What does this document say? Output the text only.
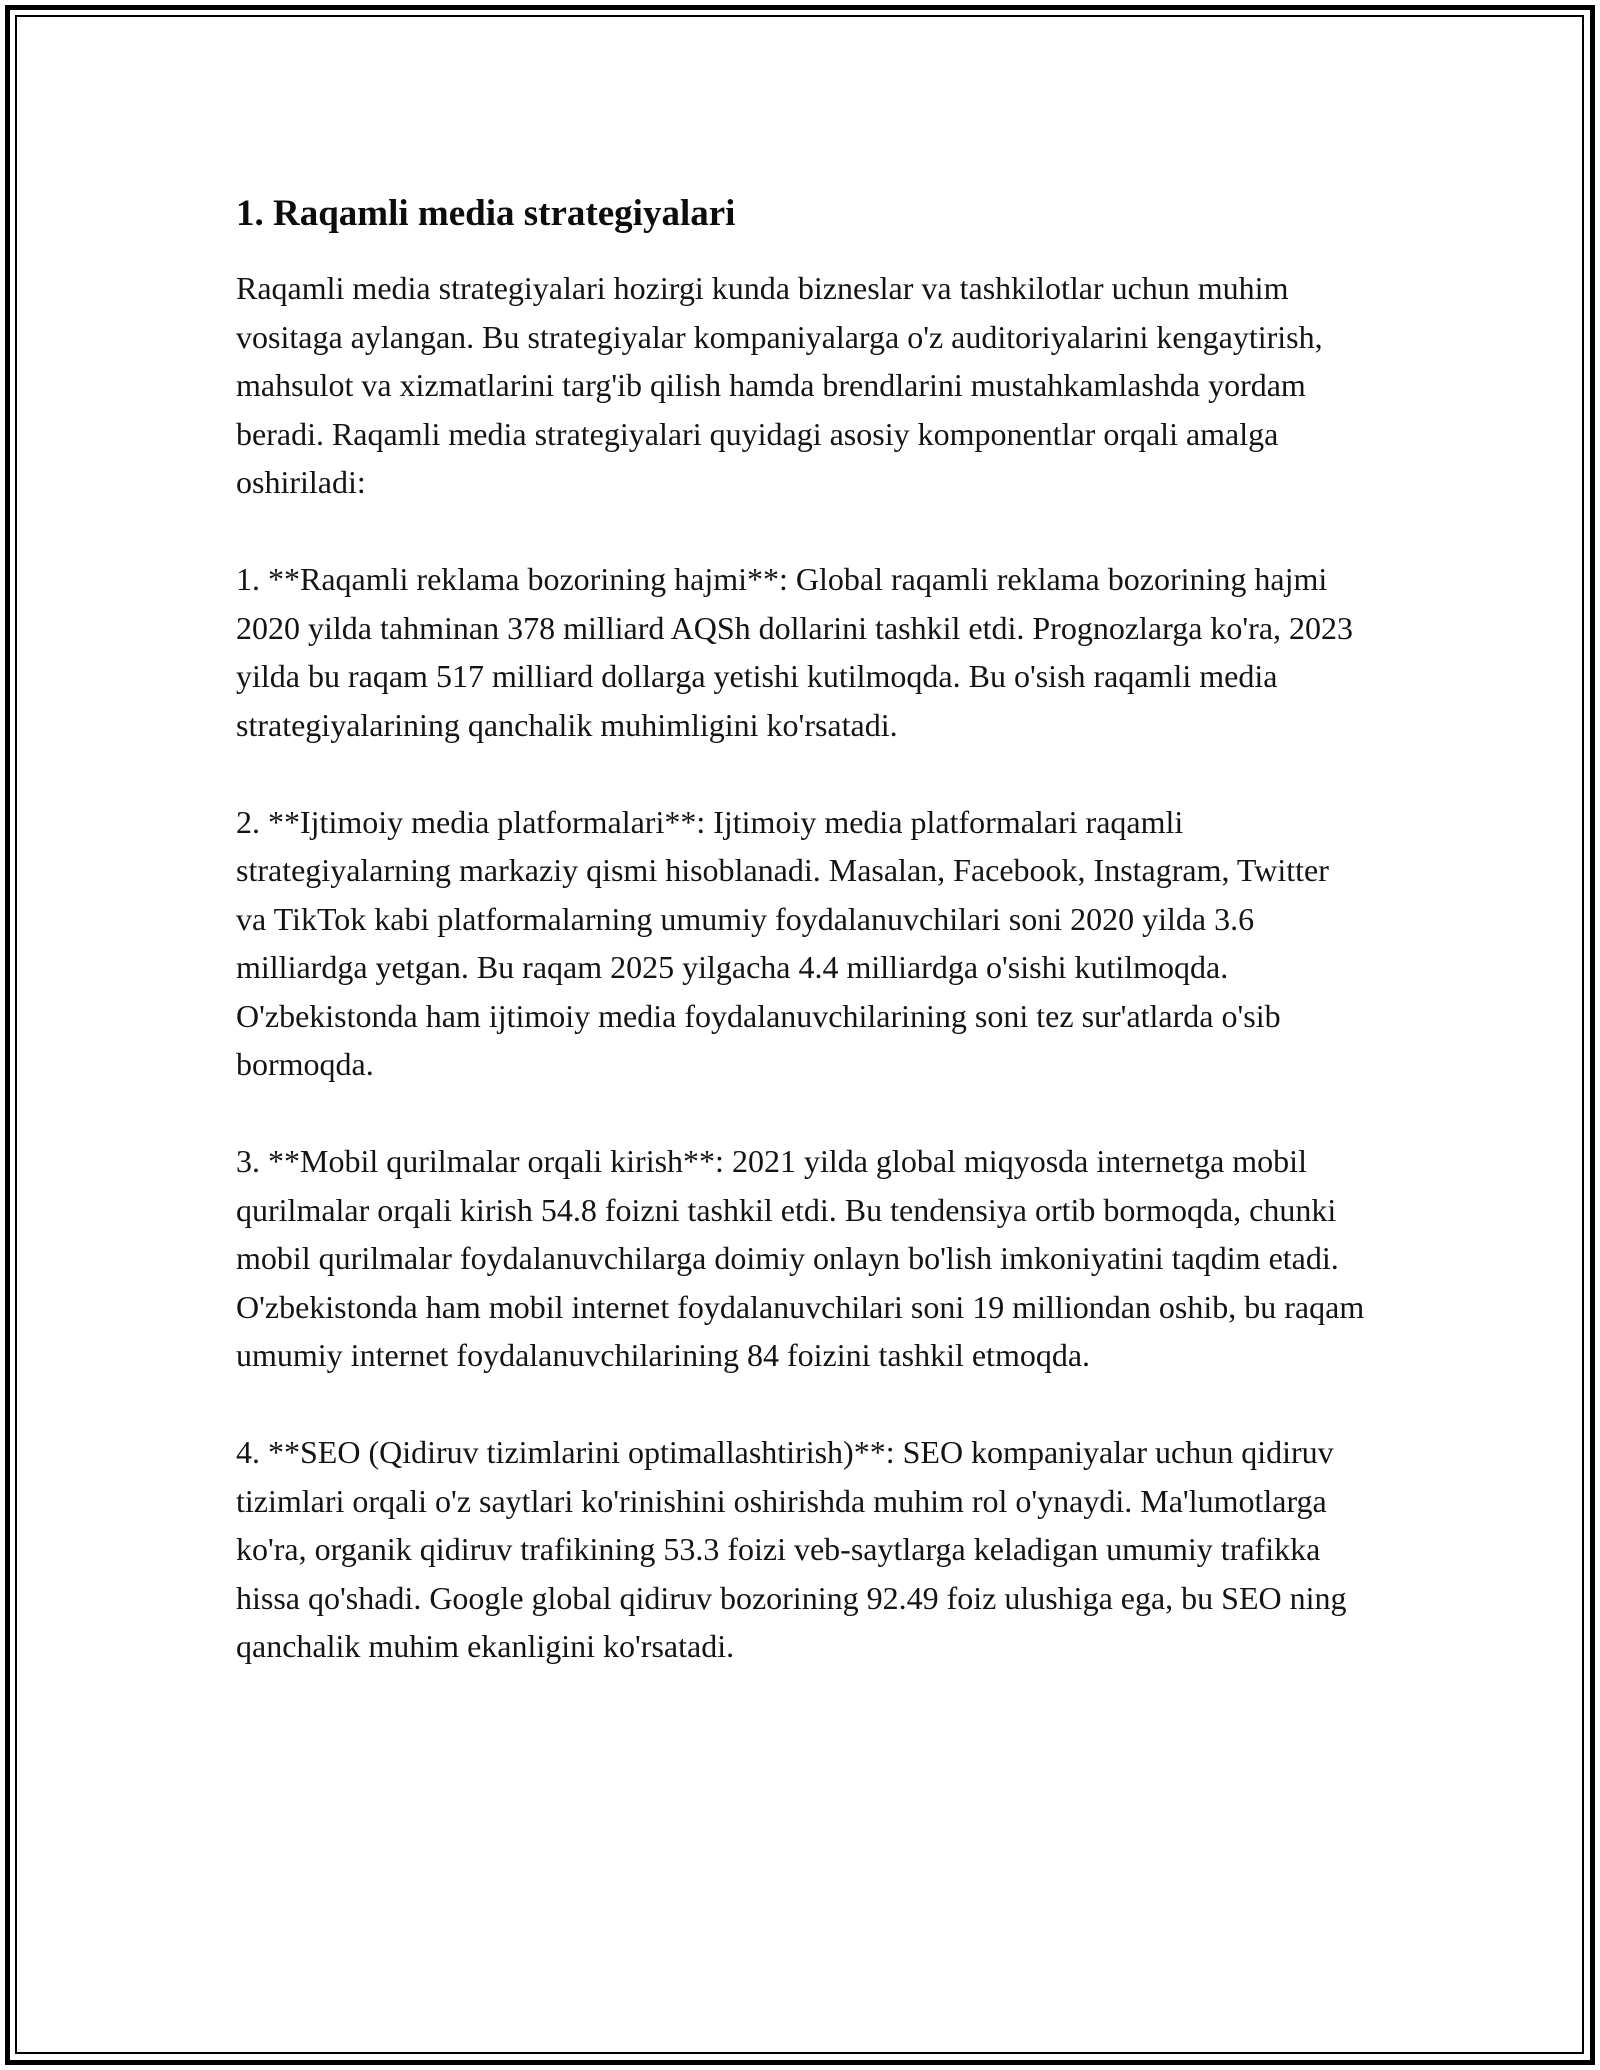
1. Raqamli media strategiyalari

Raqamli media strategiyalari hozirgi kunda bizneslar va tashkilotlar uchun muhim vositaga aylangan. Bu strategiyalar kompaniyalarga o'z auditoriyalarini kengaytirish, mahsulot va xizmatlarini targ'ib qilish hamda brendlarini mustahkamlashda yordam beradi. Raqamli media strategiyalari quyidagi asosiy komponentlar orqali amalga oshiriladi:

1. **Raqamli reklama bozorining hajmi**: Global raqamli reklama bozorining hajmi 2020 yilda tahminan 378 milliard AQSh dollarini tashkil etdi. Prognozlarga ko'ra, 2023 yilda bu raqam 517 milliard dollarga yetishi kutilmoqda. Bu o'sish raqamli media strategiyalarining qanchalik muhimligini ko'rsatadi.

2. **Ijtimoiy media platformalari**: Ijtimoiy media platformalari raqamli strategiyalarning markaziy qismi hisoblanadi. Masalan, Facebook, Instagram, Twitter va TikTok kabi platformalarning umumiy foydalanuvchilari soni 2020 yilda 3.6 milliardga yetgan. Bu raqam 2025 yilgacha 4.4 milliardga o'sishi kutilmoqda. O'zbekistonda ham ijtimoiy media foydalanuvchilarining soni tez sur'atlarda o'sib bormoqda.

3. **Mobil qurilmalar orqali kirish**: 2021 yilda global miqyosda internetga mobil qurilmalar orqali kirish 54.8 foizni tashkil etdi. Bu tendensiya ortib bormoqda, chunki mobil qurilmalar foydalanuvchilarga doimiy onlayn bo'lish imkoniyatini taqdim etadi. O'zbekistonda ham mobil internet foydalanuvchilari soni 19 milliondan oshib, bu raqam umumiy internet foydalanuvchilarining 84 foizini tashkil etmoqda.

4. **SEO (Qidiruv tizimlarini optimallashtirish)**: SEO kompaniyalar uchun qidiruv tizimlari orqali o'z saytlari ko'rinishini oshirishda muhim rol o'ynaydi. Ma'lumotlarga ko'ra, organik qidiruv trafikining 53.3 foizi veb-saytlarga keladigan umumiy trafikka hissa qo'shadi. Google global qidiruv bozorining 92.49 foiz ulushiga ega, bu SEO ning qanchalik muhim ekanligini ko'rsatadi.
